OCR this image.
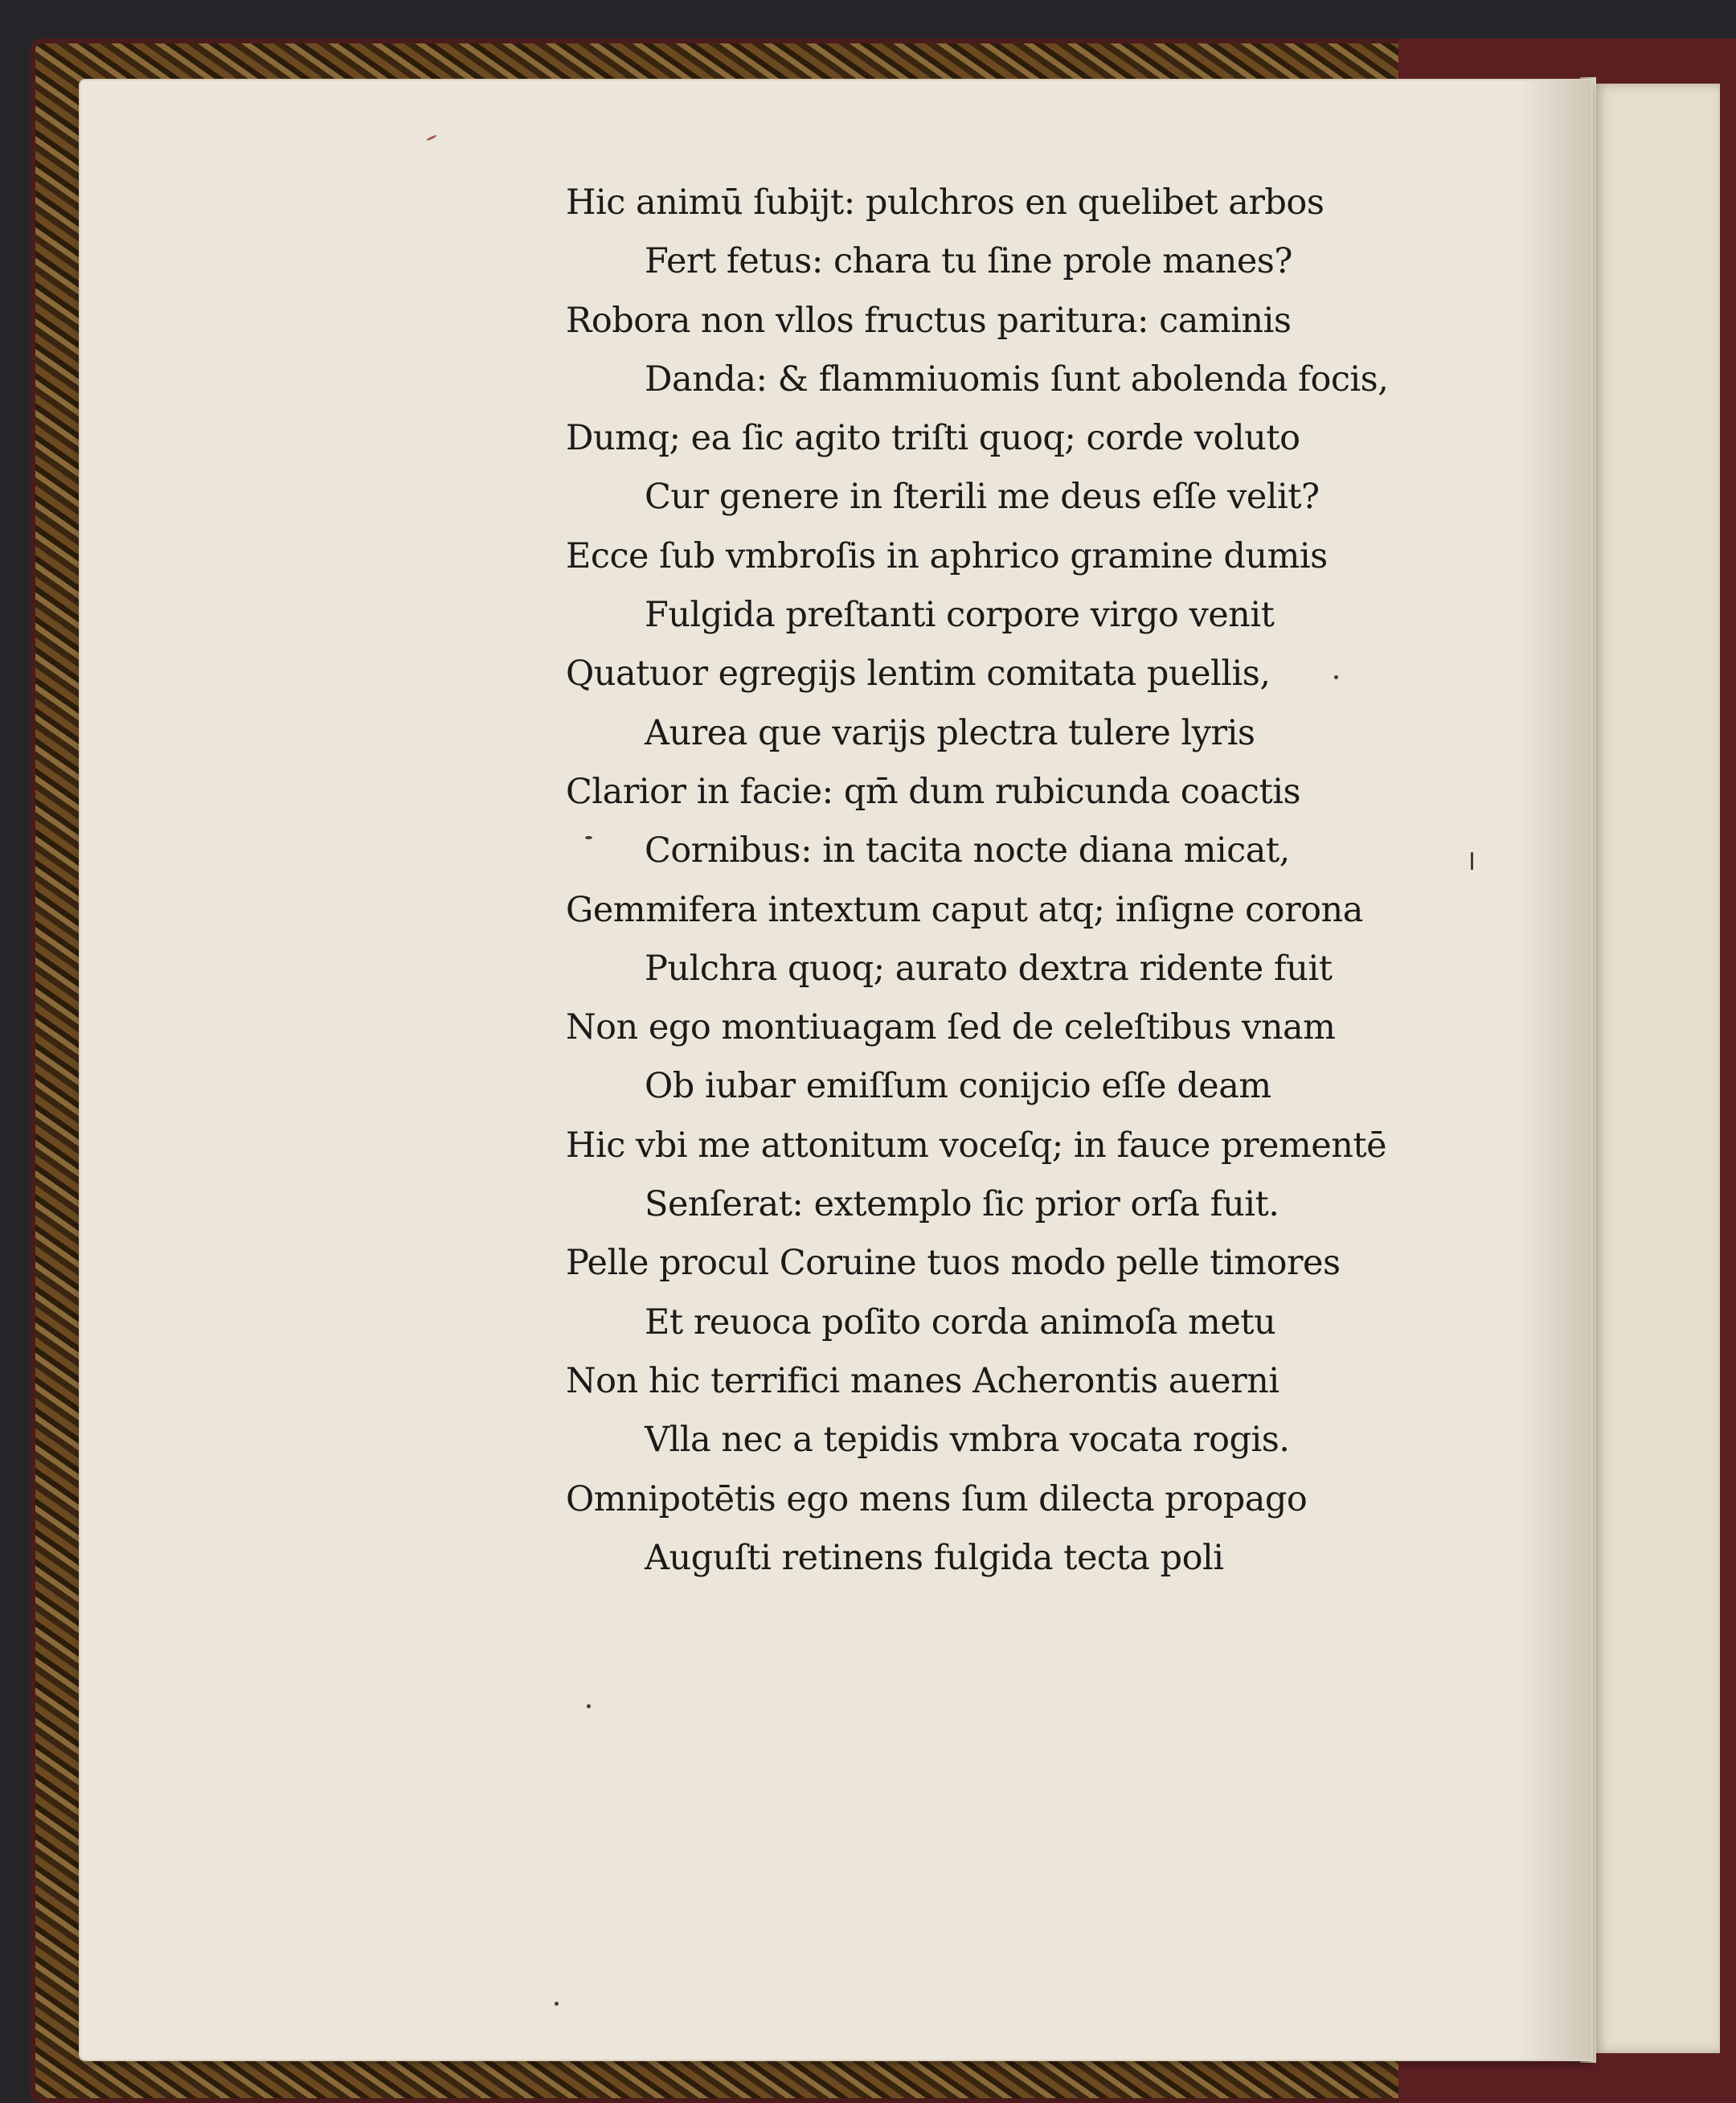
Hic animū ſubijt: pulchros en quelibet arbos
Fert fetus: chara tu ſine prole manes?
Robora non vllos fructus paritura: caminis
Danda: & flammiuomis ſunt abolenda focis,
Dumq; ea ſic agito triſti quoq; corde voluto
Cur genere in ſterili me deus eſſe velit?
Ecce ſub vmbroſis in aphrico gramine dumis
Fulgida preſtanti corpore virgo venit
Quatuor egregijs lentim comitata puellis,
Aurea que varijs plectra tulere lyris
Clarior in facie: qm̄ dum rubicunda coactis
Cornibus: in tacita nocte diana micat,
Gemmifera intextum caput atq; inſigne corona
Pulchra quoq; aurato dextra ridente fuit
Non ego montiuagam ſed de celeſtibus vnam
Ob iubar emiſſum conijcio eſſe deam
Hic vbi me attonitum voceſq; in fauce prementē
Senſerat: extemplo ſic prior orſa fuit.
Pelle procul Coruine tuos modo pelle timores
Et reuoca poſito corda animoſa metu
Non hic terrifici manes Acherontis auerni
Vlla nec a tepidis vmbra vocata rogis.
Omnipotētis ego mens ſum dilecta propago
Auguſti retinens fulgida tecta poli
